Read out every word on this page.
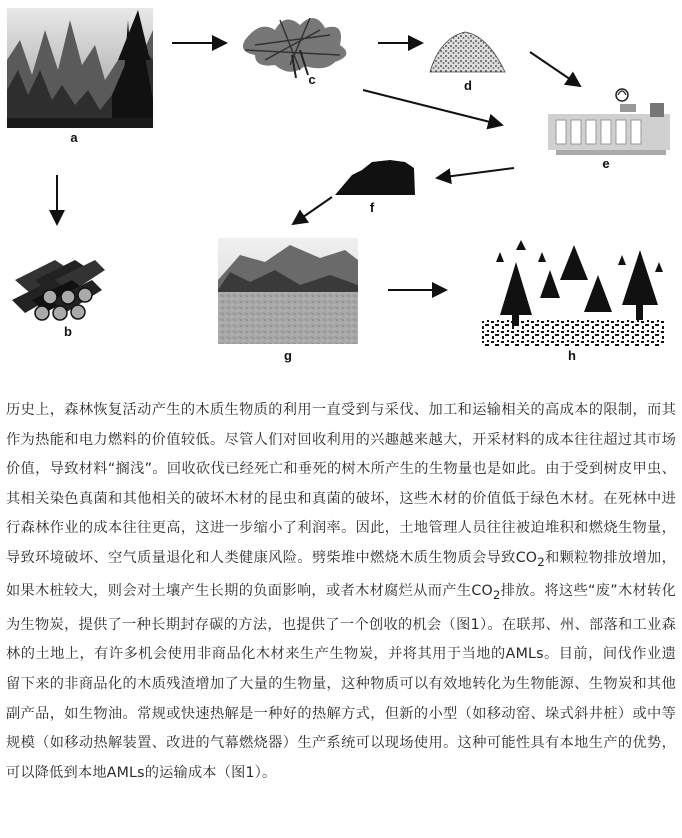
a
b
c	d
e
f
g	h

历史上，森林恢复活动产生的木质生物质的利用一直受到与采伐、加工和运输相关的高成本的限制，而其作为热能和电力燃料的价值较低。尽管人们对回收利用的兴趣越来越大，开采材料的成本往往超过其市场价值，导致材料“搁浅”。回收砍伐已经死亡和垂死的树木所产生的生物量也是如此。由于受到树皮甲虫、其相关染色真菌和其他相关的破坏木材的昆虫和真菌的破坏，这些木材的价值低于绿色木材。在死林中进行森林作业的成本往往更高，这进一步缩小了利润率。因此，土地管理人员往往被迫堆积和燃烧生物量，导致环境破坏、空气质量退化和人类健康风险。劈柴堆中燃烧木质生物质会导致$CO_2$和颗粒物排放增加，如果木桩较大，则会对土壤产生长期的负面影响，或者木材腐烂从而产生$CO_2$排放。将这些“废”木材转化为生物炭，提供了一种长期封存碳的方法，也提供了一个创收的机会（图1）。在联邦、州、部落和工业森林的土地上，有许多机会使用非商品化木材来生产生物炭，并将其用于当地的AMLs。目前，间伐作业遗留下来的非商品化的木质残渣增加了大量的生物量，这种物质可以有效地转化为生物能源、生物炭和其他副产品，如生物油。常规或快速热解是一种好的热解方式，但新的小型（如移动窑、垛式斜井桩）或中等规模（如移动热解装置、改进的气幕燃烧器）生产系统可以现场使用。这种可能性具有本地生产的优势，可以降低到本地AMLs的运输成本（图1）。
